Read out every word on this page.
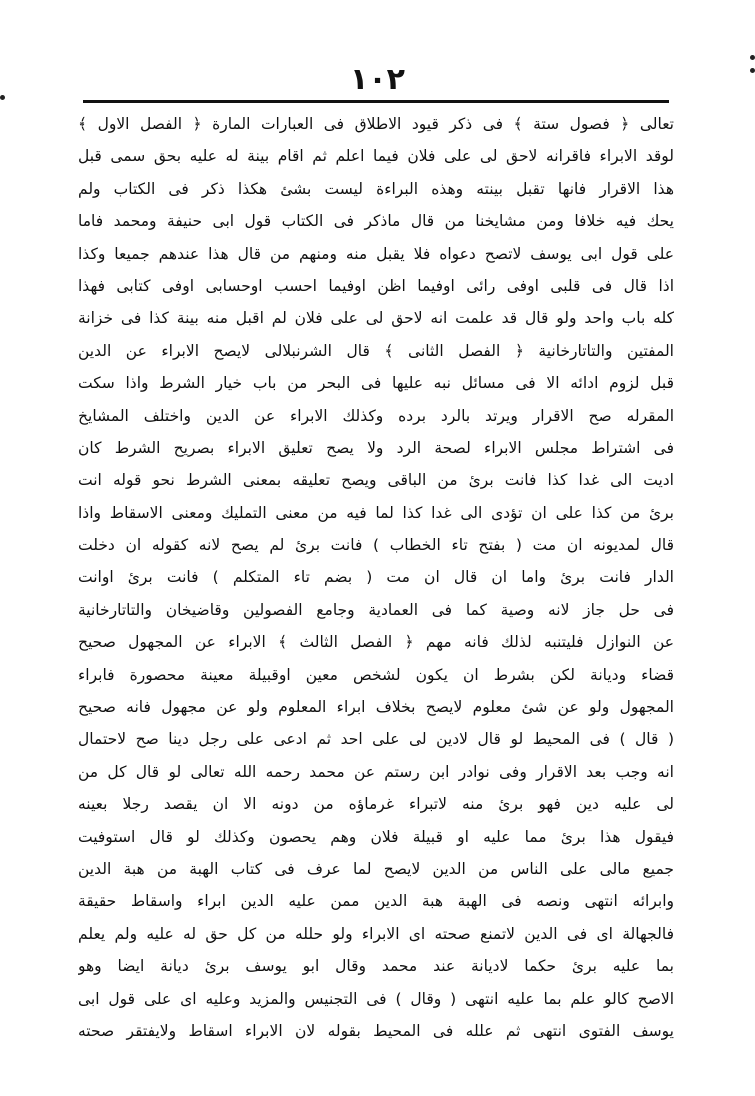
١٠٢
تعالى ﴿ فصول ستة ﴾ فى ذكر قيود الاطلاق فى العبارات المارة ﴿ الفصل الاول ﴾
لوقد الابراء فاقرانه لاحق لى على فلان فيما اعلم ثم اقام بينة له عليه بحق سمى قبل
هذا الاقرار فانها تقبل بينته وهذه البراءة ليست بشئ هكذا ذكر فى الكتاب ولم
يحك فيه خلافا ومن مشايخنا من قال ماذكر فى الكتاب قول ابى حنيفة ومحمد فاما
على قول ابى يوسف لاتصح دعواه فلا يقبل منه ومنهم من قال هذا عندهم جميعا وكذا
اذا قال فى قلبى اوفى رائى اوفيما اظن اوفيما احسب اوحسابى اوفى كتابى فهذا
كله باب واحد ولو قال قد علمت انه لاحق لى على فلان لم اقبل منه بينة كذا فى خزانة
المفتين والتاتارخانية ﴿ الفصل الثانى ﴾ قال الشرنبلالى لايصح الابراء عن الدين
قبل لزوم ادائه الا فى مسائل نبه عليها فى البحر من باب خيار الشرط واذا سكت
المقرله صح الاقرار ويرتد بالرد برده وكذلك الابراء عن الدين واختلف المشايخ
فى اشتراط مجلس الابراء لصحة الرد ولا يصح تعليق الابراء بصريح الشرط كان
اديت الى غدا كذا فانت برئ من الباقى ويصح تعليقه بمعنى الشرط نحو قوله انت
برئ من كذا على ان تؤدى الى غدا كذا لما فيه من معنى التمليك ومعنى الاسقاط واذا
قال لمديونه ان مت ( بفتح تاء الخطاب ) فانت برئ لم يصح لانه كقوله ان دخلت
الدار فانت برئ واما ان قال ان مت ( بضم تاء المتكلم ) فانت برئ اوانت
فى حل جاز لانه وصية كما فى العمادية وجامع الفصولين وقاضيخان والتاتارخانية
عن النوازل فليتنبه لذلك فانه مهم ﴿ الفصل الثالث ﴾ الابراء عن المجهول صحيح
قضاء وديانة لكن بشرط ان يكون لشخص معين اوقبيلة معينة محصورة فابراء
المجهول ولو عن شئ معلوم لايصح بخلاف ابراء المعلوم ولو عن مجهول فانه صحيح
( قال ) فى المحيط لو قال لادين لى على احد ثم ادعى على رجل دينا صح لاحتمال
انه وجب بعد الاقرار وفى نوادر ابن رستم عن محمد رحمه الله تعالى لو قال كل من
لى عليه دين فهو برئ منه لاتبراء غرماؤه من دونه الا ان يقصد رجلا بعينه
فيقول هذا برئ مما عليه او قبيلة فلان وهم يحصون وكذلك لو قال استوفيت
جميع مالى على الناس من الدين لايصح لما عرف فى كتاب الهبة من هبة الدين
وابرائه انتهى ونصه فى الهبة هبة الدين ممن عليه الدين ابراء واسقاط حقيقة
فالجهالة اى فى الدين لاتمنع صحته اى الابراء ولو حلله من كل حق له عليه ولم يعلم
بما عليه برئ حكما لاديانة عند محمد وقال ابو يوسف برئ ديانة ايضا وهو
الاصح كالو علم بما عليه انتهى ( وقال ) فى التجنيس والمزيد وعليه اى على قول ابى
يوسف الفتوى انتهى ثم علله فى المحيط بقوله لان الابراء اسقاط ولايفتقر صحته
